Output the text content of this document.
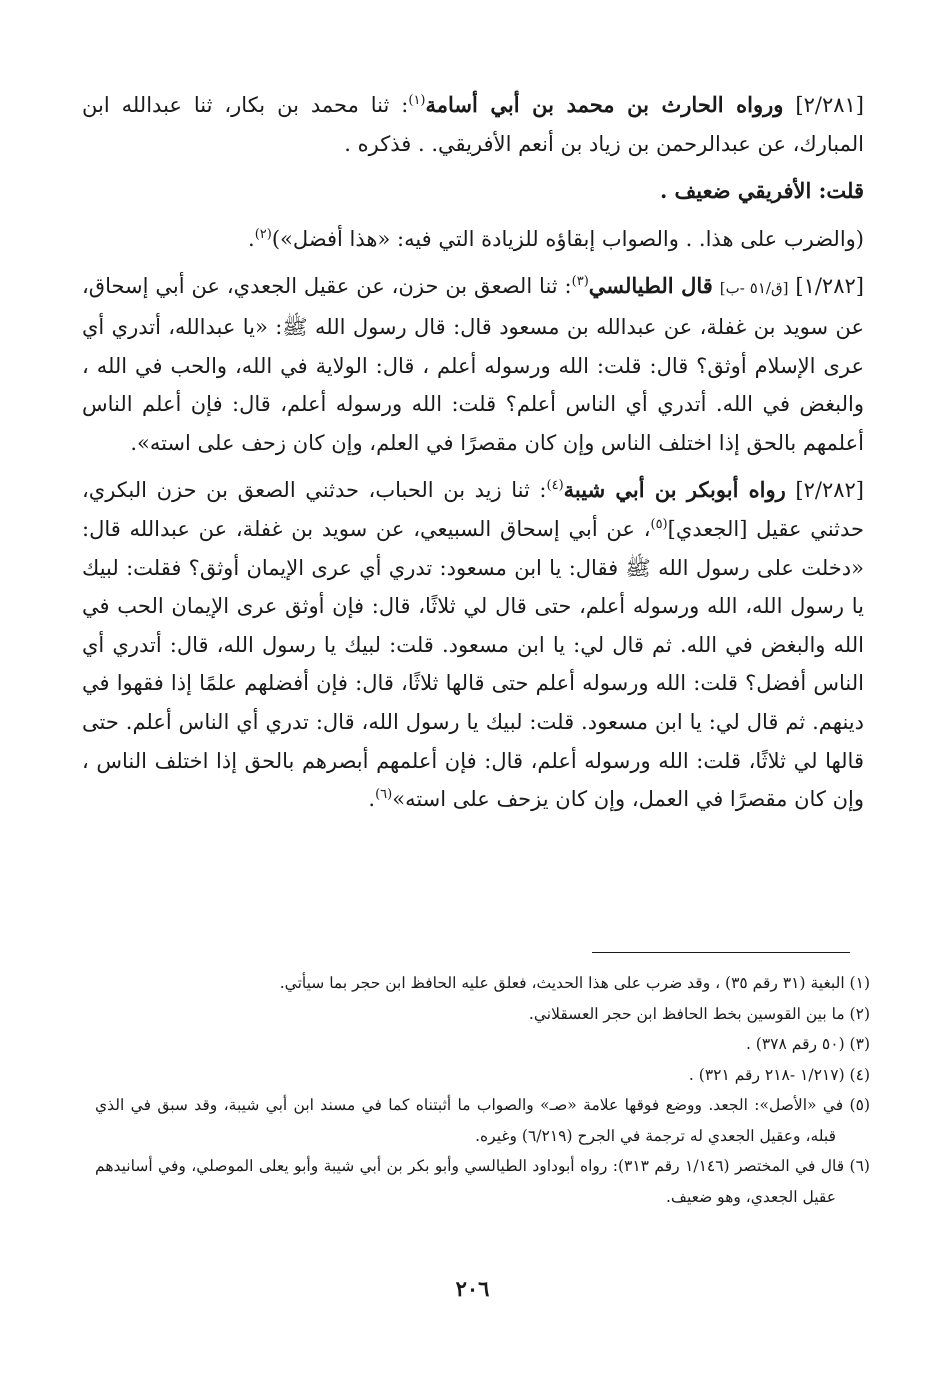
[٢/٢٨١] ورواه الحارث بن محمد بن أبي أسامة$^{(١)}$: ثنا محمد بن بكار، ثنا عبدالله ابن المبارك، عن عبدالرحمن بن زياد بن أنعم الأفريقي. . فذكره .

قلت: الأفريقي ضعيف .

(والضرب على هذا. . والصواب إبقاؤه للزيادة التي فيه: «هذا أفضل»)$^{(٢)}$.

[١/٢٨٢] [ق/٥١ -ب] قال الطيالسي$^{(٣)}$: ثنا الصعق بن حزن، عن عقيل الجعدي، عن أبي إسحاق، عن سويد بن غفلة، عن عبدالله بن مسعود قال: قال رسول الله ﷺ: «يا عبدالله، أتدري أي عرى الإسلام أوثق؟ قال: قلت: الله ورسوله أعلم ، قال: الولاية في الله، والحب في الله ، والبغض في الله. أتدري أي الناس أعلم؟ قلت: الله ورسوله أعلم، قال: فإن أعلم الناس أعلمهم بالحق إذا اختلف الناس وإن كان مقصرًا في العلم، وإن كان زحف على استه».

[٢/٢٨٢] رواه أبوبكر بن أبي شيبة$^{(٤)}$: ثنا زيد بن الحباب، حدثني الصعق بن حزن البكري، حدثني عقيل [الجعدي]$^{(٥)}$، عن أبي إسحاق السبيعي، عن سويد بن غفلة، عن عبدالله قال: «دخلت على رسول الله ﷺ فقال: يا ابن مسعود: تدري أي عرى الإيمان أوثق؟ فقلت: لبيك يا رسول الله، الله ورسوله أعلم، حتى قال لي ثلاثًا، قال: فإن أوثق عرى الإيمان الحب في الله والبغض في الله. ثم قال لي: يا ابن مسعود. قلت: لبيك يا رسول الله، قال: أتدري أي الناس أفضل؟ قلت: الله ورسوله أعلم حتى قالها ثلاثًا، قال: فإن أفضلهم علمًا إذا فقهوا في دينهم. ثم قال لي: يا ابن مسعود. قلت: لبيك يا رسول الله، قال: تدري أي الناس أعلم. حتى قالها لي ثلاثًا، قلت: الله ورسوله أعلم، قال: فإن أعلمهم أبصرهم بالحق إذا اختلف الناس ، وإن كان مقصرًا في العمل، وإن كان يزحف على استه»$^{(٦)}$.

(١) البغية (٣١ رقم ٣٥) ، وقد ضرب على هذا الحديث، فعلق عليه الحافظ ابن حجر بما سيأتي.

(٢) ما بين القوسين بخط الحافظ ابن حجر العسقلاني.

(٣) (٥٠ رقم ٣٧٨) .

(٤) (١/٢١٧ -٢١٨ رقم ٣٢١) .

(٥) في «الأصل»: الجعد. ووضع فوقها علامة «صـ» والصواب ما أثبتناه كما في مسند ابن أبي شيبة، وقد سبق في الذي قبله، وعقيل الجعدي له ترجمة في الجرح (٦/٢١٩) وغيره.

(٦) قال في المختصر (١/١٤٦ رقم ٣١٣): رواه أبوداود الطيالسي وأبو بكر بن أبي شيبة وأبو يعلى الموصلي، وفي أسانيدهم عقيل الجعدي، وهو ضعيف.

٢٠٦
